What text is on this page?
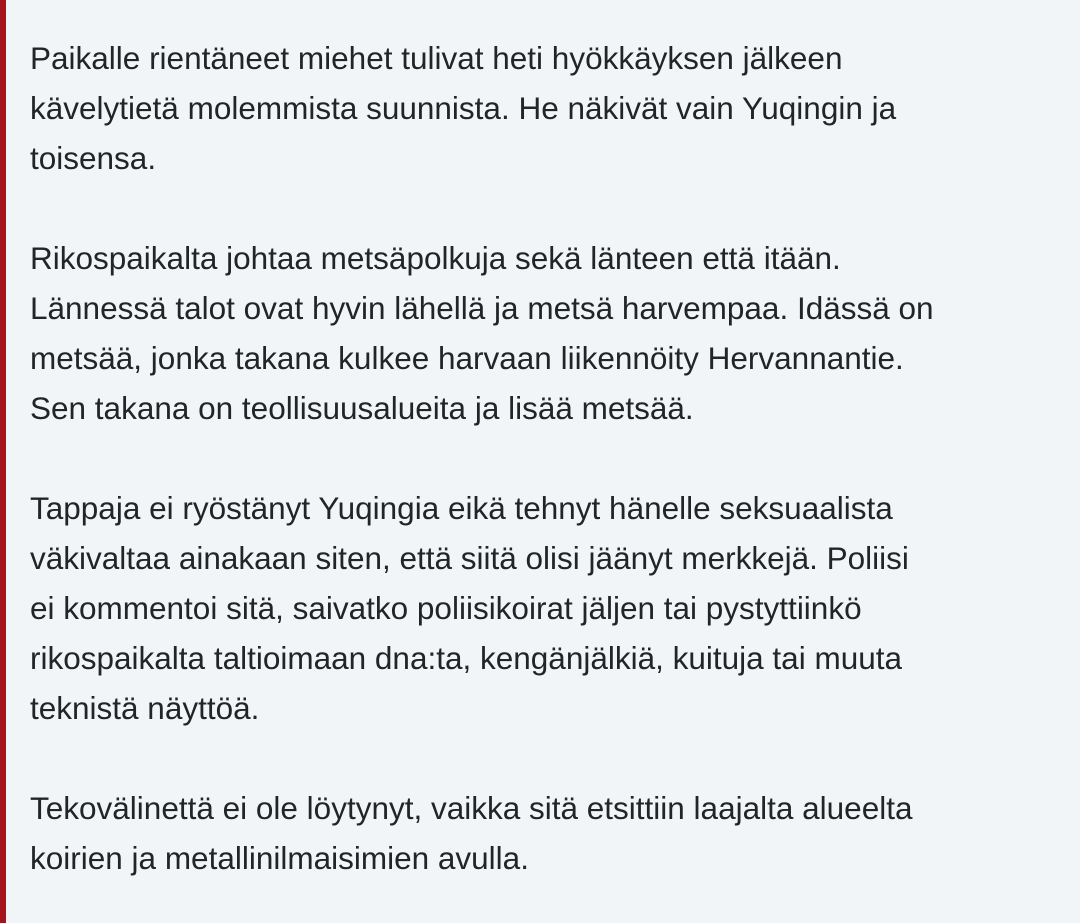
Paikalle rientäneet miehet tulivat heti hyökkäyksen jälkeen
kävelytietä molemmista suunnista. He näkivät vain Yuqingin ja
toisensa.

Rikospaikalta johtaa metsäpolkuja sekä länteen että itään.
Lännessä talot ovat hyvin lähellä ja metsä harvempaa. Idässä on
metsää, jonka takana kulkee harvaan liikennöity Hervannantie.
Sen takana on teollisuusalueita ja lisää metsää.

Tappaja ei ryöstänyt Yuqingia eikä tehnyt hänelle seksuaalista
väkivaltaa ainakaan siten, että siitä olisi jäänyt merkkejä. Poliisi
ei kommentoi sitä, saivatko poliisikoirat jäljen tai pystyttiinkö
rikospaikalta taltioimaan dna:ta, kengänjälkiä, kuituja tai muuta
teknistä näyttöä.

Tekovälinettä ei ole löytynyt, vaikka sitä etsittiin laajalta alueelta
koirien ja metallinilmaisimien avulla.
